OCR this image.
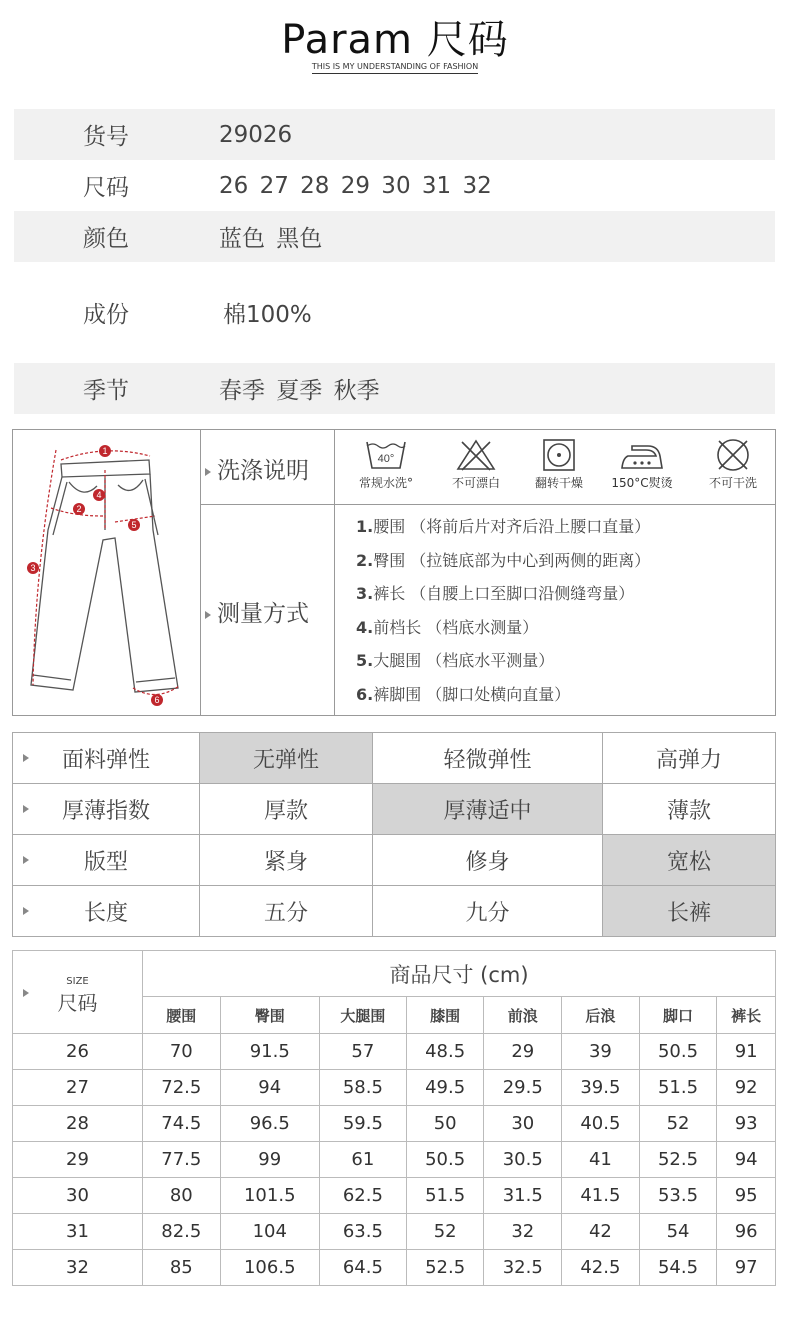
Param 尺码
THIS IS MY UNDERSTANDING OF FASHION
货号	29026
尺码	26 27 28 29 30 31 32
颜色	蓝色 黑色
成份	棉100%
季节	春季 夏季 秋季
1
2
3
4
5
6
洗涤说明
测量方式
40°
常规水洗°	不可漂白	翻转干燥	150°C熨烫	不可干洗
1.腰围 （将前后片对齐后沿上腰口直量）
2.臀围 （拉链底部为中心到两侧的距离）
3.裤长 （自腰上口至脚口沿侧缝弯量）
4.前档长 （档底水测量）
5.大腿围 （档底水平测量）
6.裤脚围 （脚口处横向直量）
面料弹性	无弹性	轻微弹性	高弹力

厚薄指数	厚款	厚薄适中	薄款

版型	紧身	修身	宽松

长度	五分	九分	长裤
SIZE
尺码	商品尺寸 (cm)							
	腰围	臀围	大腿围	膝围	前浪	后浪	脚口	裤长
26	70	91.5	57	48.5	29	39	50.5	91
27	72.5	94	58.5	49.5	29.5	39.5	51.5	92
28	74.5	96.5	59.5	50	30	40.5	52	93
29	77.5	99	61	50.5	30.5	41	52.5	94
30	80	101.5	62.5	51.5	31.5	41.5	53.5	95
31	82.5	104	63.5	52	32	42	54	96
32	85	106.5	64.5	52.5	32.5	42.5	54.5	97
